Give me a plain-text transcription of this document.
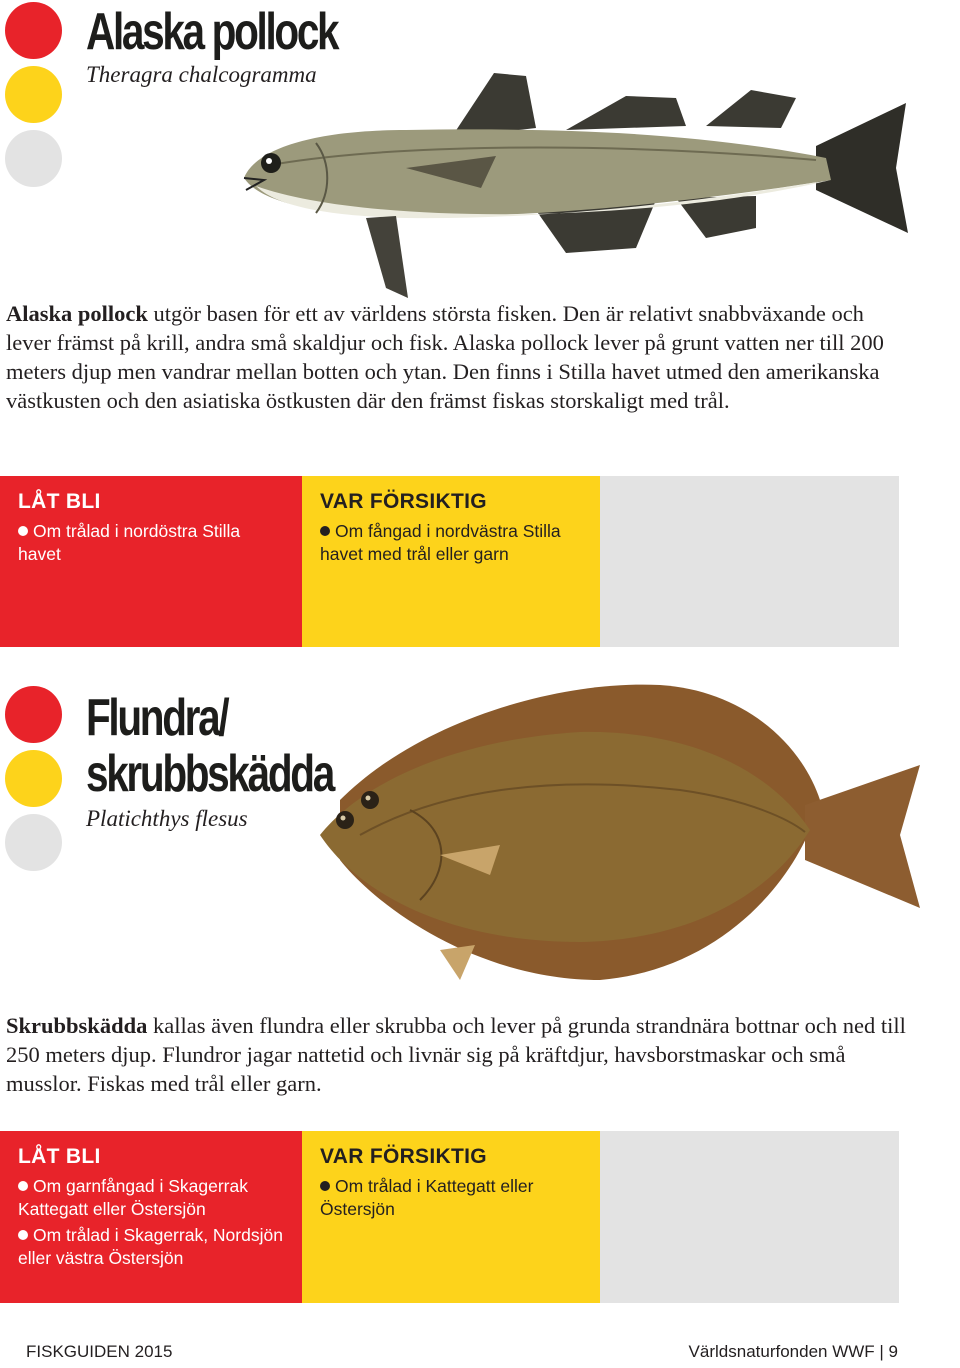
Alaska pollock
Theragra chalcogramma

Alaska pollock utgör basen för ett av världens största fisken. Den är relativt snabbväxande och lever främst på krill, andra små skaldjur och fisk. Alaska pollock lever på grunt vatten ner till 200 meters djup men vandrar mellan botten och ytan. Den finns i Stilla havet utmed den amerikanska västkusten och den asiatiska östkusten där den främst fiskas storskaligt med trål.

LÅT BLI
Om trålad i nordöstra Stilla havet
VAR FÖRSIKTIG
Om fångad i nordvästra Stilla havet med trål eller garn
Flundra/
skrubbskädda
Platichthys flesus

Skrubbskädda kallas även flundra eller skrubba och lever på grunda strandnära bottnar och ned till 250 meters djup. Flundror jagar nattetid och livnär sig på kräftdjur, havsborstmaskar och små musslor. Fiskas med trål eller garn.

LÅT BLI
Om garnfångad i Skagerrak Kattegatt eller Östersjön
Om trålad i Skagerrak, Nordsjön eller västra Östersjön
VAR FÖRSIKTIG
Om trålad i Kattegatt eller Östersjön
FISKGUIDEN 2015	Världsnaturfonden WWF | 9
